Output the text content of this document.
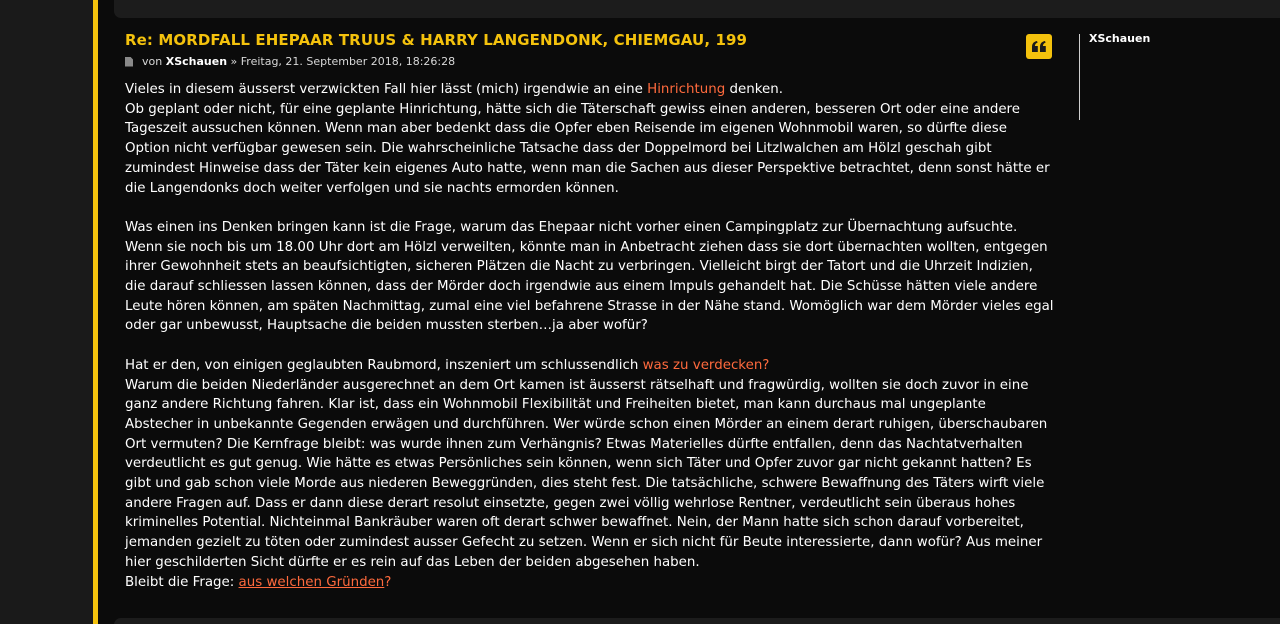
Re: MORDFALL EHEPAAR TRUUS & HARRY LANGENDONK, CHIEMGAU, 199
von
XSchauen
»
Freitag, 21. September 2018, 18:26:28

Vieles in diesem äusserst verzwickten Fall hier lässt (mich) irgendwie an eine Hinrichtung denken.

Ob geplant oder nicht, für eine geplante Hinrichtung, hätte sich die Täterschaft gewiss einen anderen, besseren Ort oder eine andere Tageszeit aussuchen können. Wenn man aber bedenkt dass die Opfer eben Reisende im eigenen Wohnmobil waren, so dürfte diese Option nicht verfügbar gewesen sein. Die wahrscheinliche Tatsache dass der Doppelmord bei Litzlwalchen am Hölzl geschah gibt zumindest Hinweise dass der Täter kein eigenes Auto hatte, wenn man die Sachen aus dieser Perspektive betrachtet, denn sonst hätte er die Langendonks doch weiter verfolgen und sie nachts ermorden können.

Was einen ins Denken bringen kann ist die Frage, warum das Ehepaar nicht vorher einen Campingplatz zur Übernachtung aufsuchte. Wenn sie noch bis um 18.00 Uhr dort am Hölzl verweilten, könnte man in Anbetracht ziehen dass sie dort übernachten wollten, entgegen ihrer Gewohnheit stets an beaufsichtigten, sicheren Plätzen die Nacht zu verbringen. Vielleicht birgt der Tatort und die Uhrzeit Indizien, die darauf schliessen lassen können, dass der Mörder doch irgendwie aus einem Impuls gehandelt hat. Die Schüsse hätten viele andere Leute hören können, am späten Nachmittag, zumal eine viel befahrene Strasse in der Nähe stand. Womöglich war dem Mörder vieles egal oder gar unbewusst, Hauptsache die beiden mussten sterben…ja aber wofür?

Hat er den, von einigen geglaubten Raubmord, inszeniert um schlussendlich was zu verdecken?

Warum die beiden Niederländer ausgerechnet an dem Ort kamen ist äusserst rätselhaft und fragwürdig, wollten sie doch zuvor in eine ganz andere Richtung fahren. Klar ist, dass ein Wohnmobil Flexibilität und Freiheiten bietet, man kann durchaus mal ungeplante Abstecher in unbekannte Gegenden erwägen und durchführen. Wer würde schon einen Mörder an einem derart ruhigen, überschaubaren Ort vermuten? Die Kernfrage bleibt: was wurde ihnen zum Verhängnis? Etwas Materielles dürfte entfallen, denn das Nachtatverhalten verdeutlicht es gut genug. Wie hätte es etwas Persönliches sein können, wenn sich Täter und Opfer zuvor gar nicht gekannt hatten? Es gibt und gab schon viele Morde aus niederen Beweggründen, dies steht fest. Die tatsächliche, schwere Bewaffnung des Täters wirft viele andere Fragen auf. Dass er dann diese derart resolut einsetzte, gegen zwei völlig wehrlose Rentner, verdeutlicht sein überaus hohes kriminelles Potential. Nichteinmal Bankräuber waren oft derart schwer bewaffnet. Nein, der Mann hatte sich schon darauf vorbereitet, jemanden gezielt zu töten oder zumindest ausser Gefecht zu setzen. Wenn er sich nicht für Beute interessierte, dann wofür? Aus meiner hier geschilderten Sicht dürfte er es rein auf das Leben der beiden abgesehen haben.

Bleibt die Frage: aus welchen Gründen?

XSchauen
